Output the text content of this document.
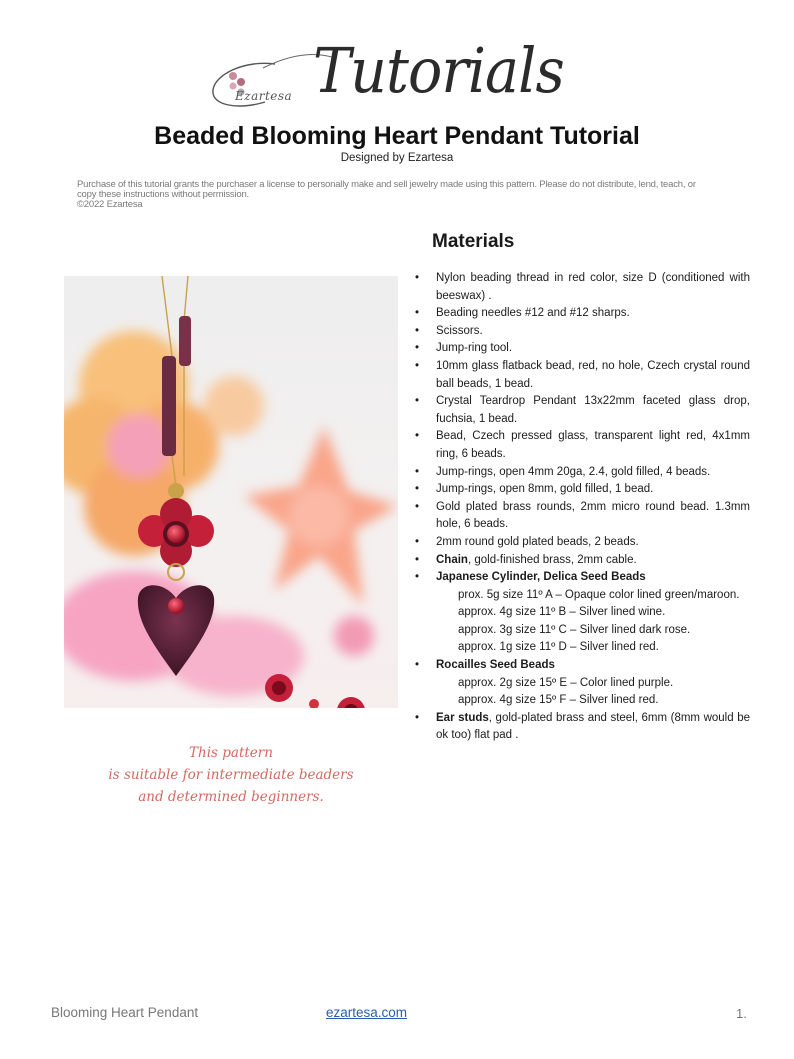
Ezartesa Tutorials
Beaded Blooming Heart Pendant Tutorial
Designed by Ezartesa
Purchase of this tutorial grants the purchaser a license to personally make and sell jewelry made using this pattern. Please do not distribute, lend, teach, or
copy these instructions without permission.
©2022 Ezartesa
This pattern
is suitable for intermediate beaders
and determined beginners.
Materials
• Nylon beading thread in red color, size D (conditioned with beeswax) .
• Beading needles #12 and #12 sharps.
• Scissors.
• Jump-ring tool.
• 10mm glass flatback bead, red, no hole, Czech crystal round ball beads, 1 bead.
• Crystal Teardrop Pendant 13x22mm faceted glass drop, fuchsia, 1 bead.
• Bead, Czech pressed glass, transparent light red, 4x1mm ring, 6 beads.
• Jump-rings, open 4mm 20ga, 2.4, gold filled, 4 beads.
• Jump-rings, open 8mm, gold filled, 1 bead.
• Gold plated brass rounds, 2mm micro round bead. 1.3mm hole, 6 beads.
• 2mm round gold plated beads, 2 beads.
• Chain, gold-finished brass, 2mm cable.
• Japanese Cylinder, Delica Seed Beads
prox. 5g size 11º A – Opaque color lined green/maroon.
approx. 4g size 11º B – Silver lined wine.
approx. 3g size 11º C – Silver lined dark rose.
approx. 1g size 11º D – Silver lined red.
• Rocailles Seed Beads
approx. 2g size 15º E – Color lined purple.
approx. 4g size 15º F – Silver lined red.
• Ear studs, gold-plated brass and steel, 6mm (8mm would be ok too) flat pad .
Blooming Heart Pendant	ezartesa.com	1.
